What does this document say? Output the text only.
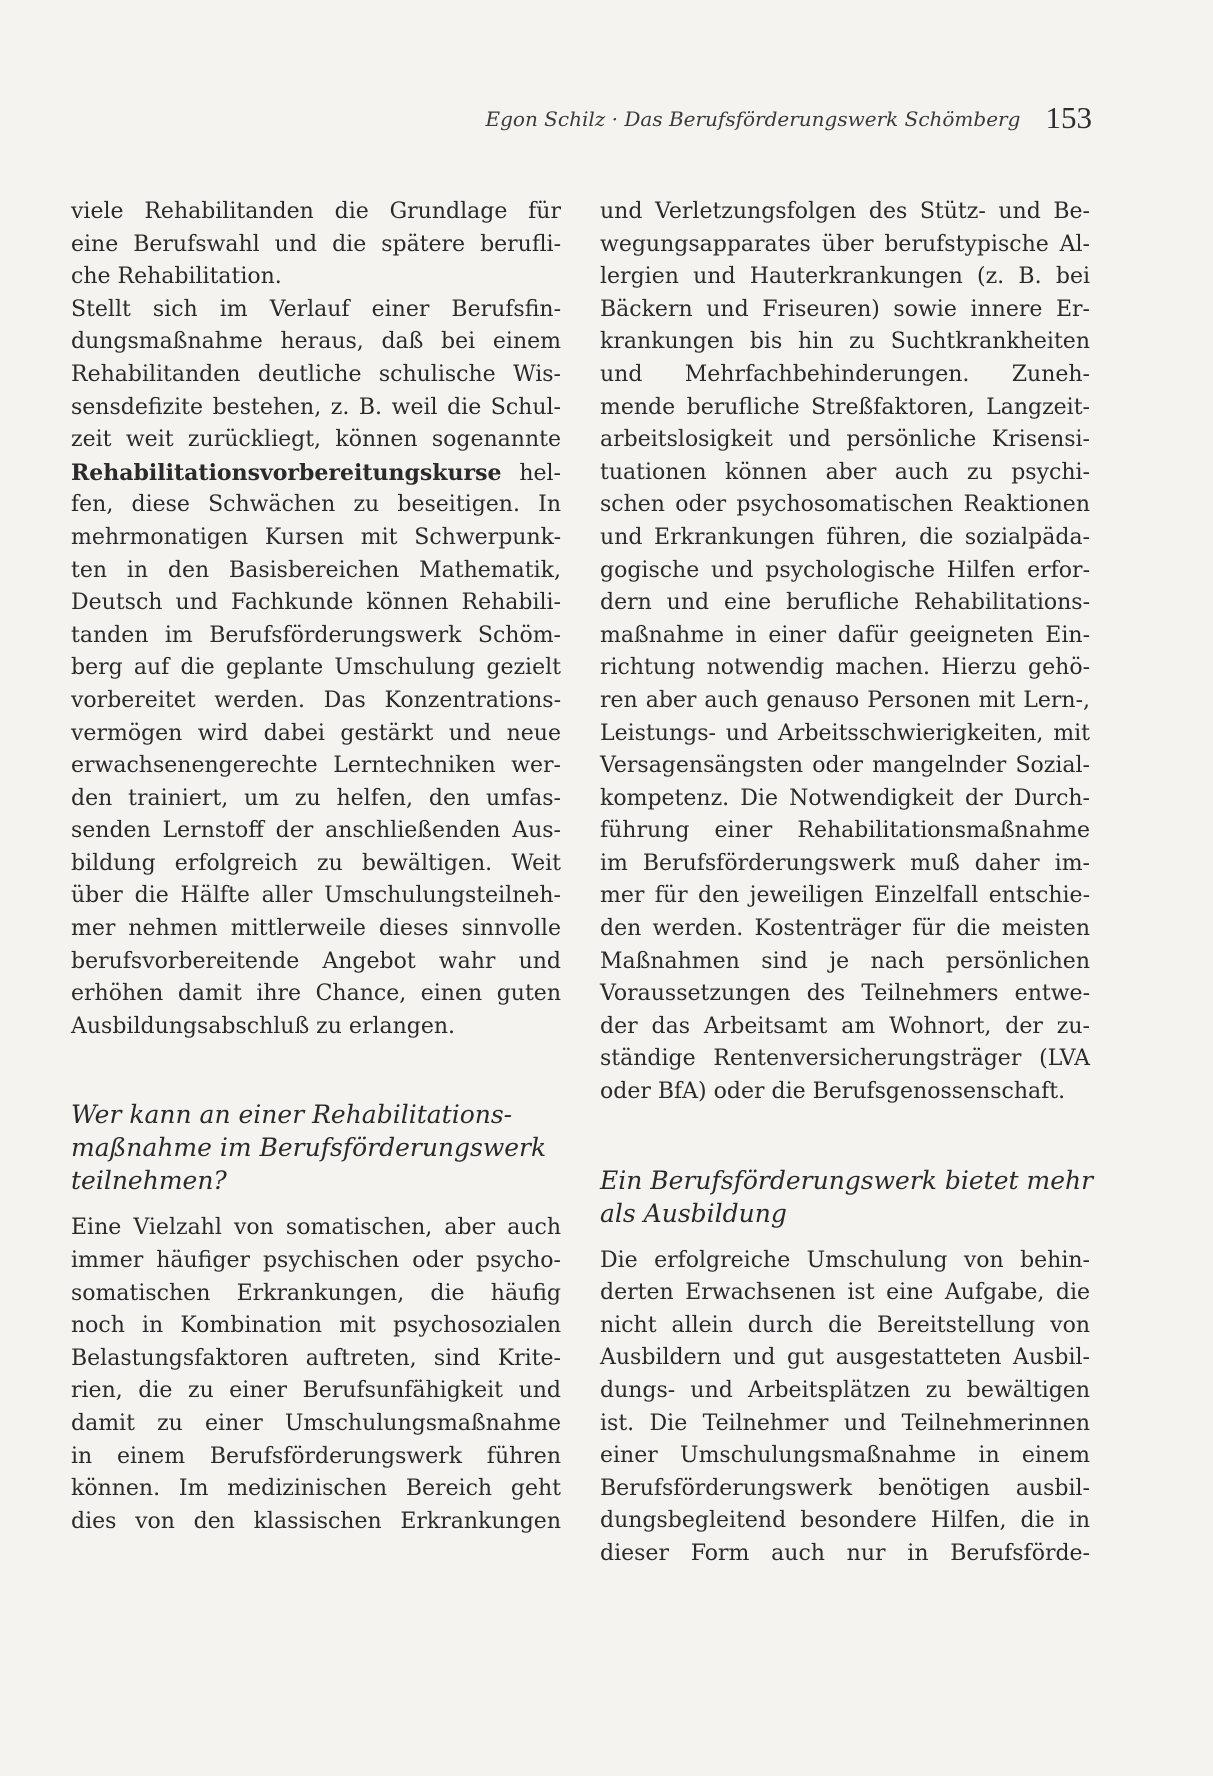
Egon Schilz · Das Berufsförderungswerk Schömberg 153
viele Rehabilitanden die Grundlage für
eine Berufswahl und die spätere berufli-
che Rehabilitation.
Stellt sich im Verlauf einer Berufsfin-
dungsmaßnahme heraus, daß bei einem
Rehabilitanden deutliche schulische Wis-
sensdefizite bestehen, z. B. weil die Schul-
zeit weit zurückliegt, können sogenannte
Rehabilitationsvorbereitungskurse hel-
fen, diese Schwächen zu beseitigen. In
mehrmonatigen Kursen mit Schwerpunk-
ten in den Basisbereichen Mathematik,
Deutsch und Fachkunde können Rehabili-
tanden im Berufsförderungswerk Schöm-
berg auf die geplante Umschulung gezielt
vorbereitet werden. Das Konzentrations-
vermögen wird dabei gestärkt und neue
erwachsenengerechte Lerntechniken wer-
den trainiert, um zu helfen, den umfas-
senden Lernstoff der anschließenden Aus-
bildung erfolgreich zu bewältigen. Weit
über die Hälfte aller Umschulungsteilneh-
mer nehmen mittlerweile dieses sinnvolle
berufsvorbereitende Angebot wahr und
erhöhen damit ihre Chance, einen guten
Ausbildungsabschluß zu erlangen.
Wer kann an einer Rehabilitations-
maßnahme im Berufsförderungswerk
teilnehmen?
Eine Vielzahl von somatischen, aber auch
immer häufiger psychischen oder psycho-
somatischen Erkrankungen, die häufig
noch in Kombination mit psychosozialen
Belastungsfaktoren auftreten, sind Krite-
rien, die zu einer Berufsunfähigkeit und
damit zu einer Umschulungsmaßnahme
in einem Berufsförderungswerk führen
können. Im medizinischen Bereich geht
dies von den klassischen Erkrankungen
und Verletzungsfolgen des Stütz- und Be-
wegungsapparates über berufstypische Al-
lergien und Hauterkrankungen (z. B. bei
Bäckern und Friseuren) sowie innere Er-
krankungen bis hin zu Suchtkrankheiten
und Mehrfachbehinderungen. Zuneh-
mende berufliche Streßfaktoren, Langzeit-
arbeitslosigkeit und persönliche Krisensi-
tuationen können aber auch zu psychi-
schen oder psychosomatischen Reaktionen
und Erkrankungen führen, die sozialpäda-
gogische und psychologische Hilfen erfor-
dern und eine berufliche Rehabilitations-
maßnahme in einer dafür geeigneten Ein-
richtung notwendig machen. Hierzu gehö-
ren aber auch genauso Personen mit Lern-,
Leistungs- und Arbeitsschwierigkeiten, mit
Versagensängsten oder mangelnder Sozial-
kompetenz. Die Notwendigkeit der Durch-
führung einer Rehabilitationsmaßnahme
im Berufsförderungswerk muß daher im-
mer für den jeweiligen Einzelfall entschie-
den werden. Kostenträger für die meisten
Maßnahmen sind je nach persönlichen
Voraussetzungen des Teilnehmers entwe-
der das Arbeitsamt am Wohnort, der zu-
ständige Rentenversicherungsträger (LVA
oder BfA) oder die Berufsgenossenschaft.
Ein Berufsförderungswerk bietet mehr
als Ausbildung
Die erfolgreiche Umschulung von behin-
derten Erwachsenen ist eine Aufgabe, die
nicht allein durch die Bereitstellung von
Ausbildern und gut ausgestatteten Ausbil-
dungs- und Arbeitsplätzen zu bewältigen
ist. Die Teilnehmer und Teilnehmerinnen
einer Umschulungsmaßnahme in einem
Berufsförderungswerk benötigen ausbil-
dungsbegleitend besondere Hilfen, die in
dieser Form auch nur in Berufsförde-
